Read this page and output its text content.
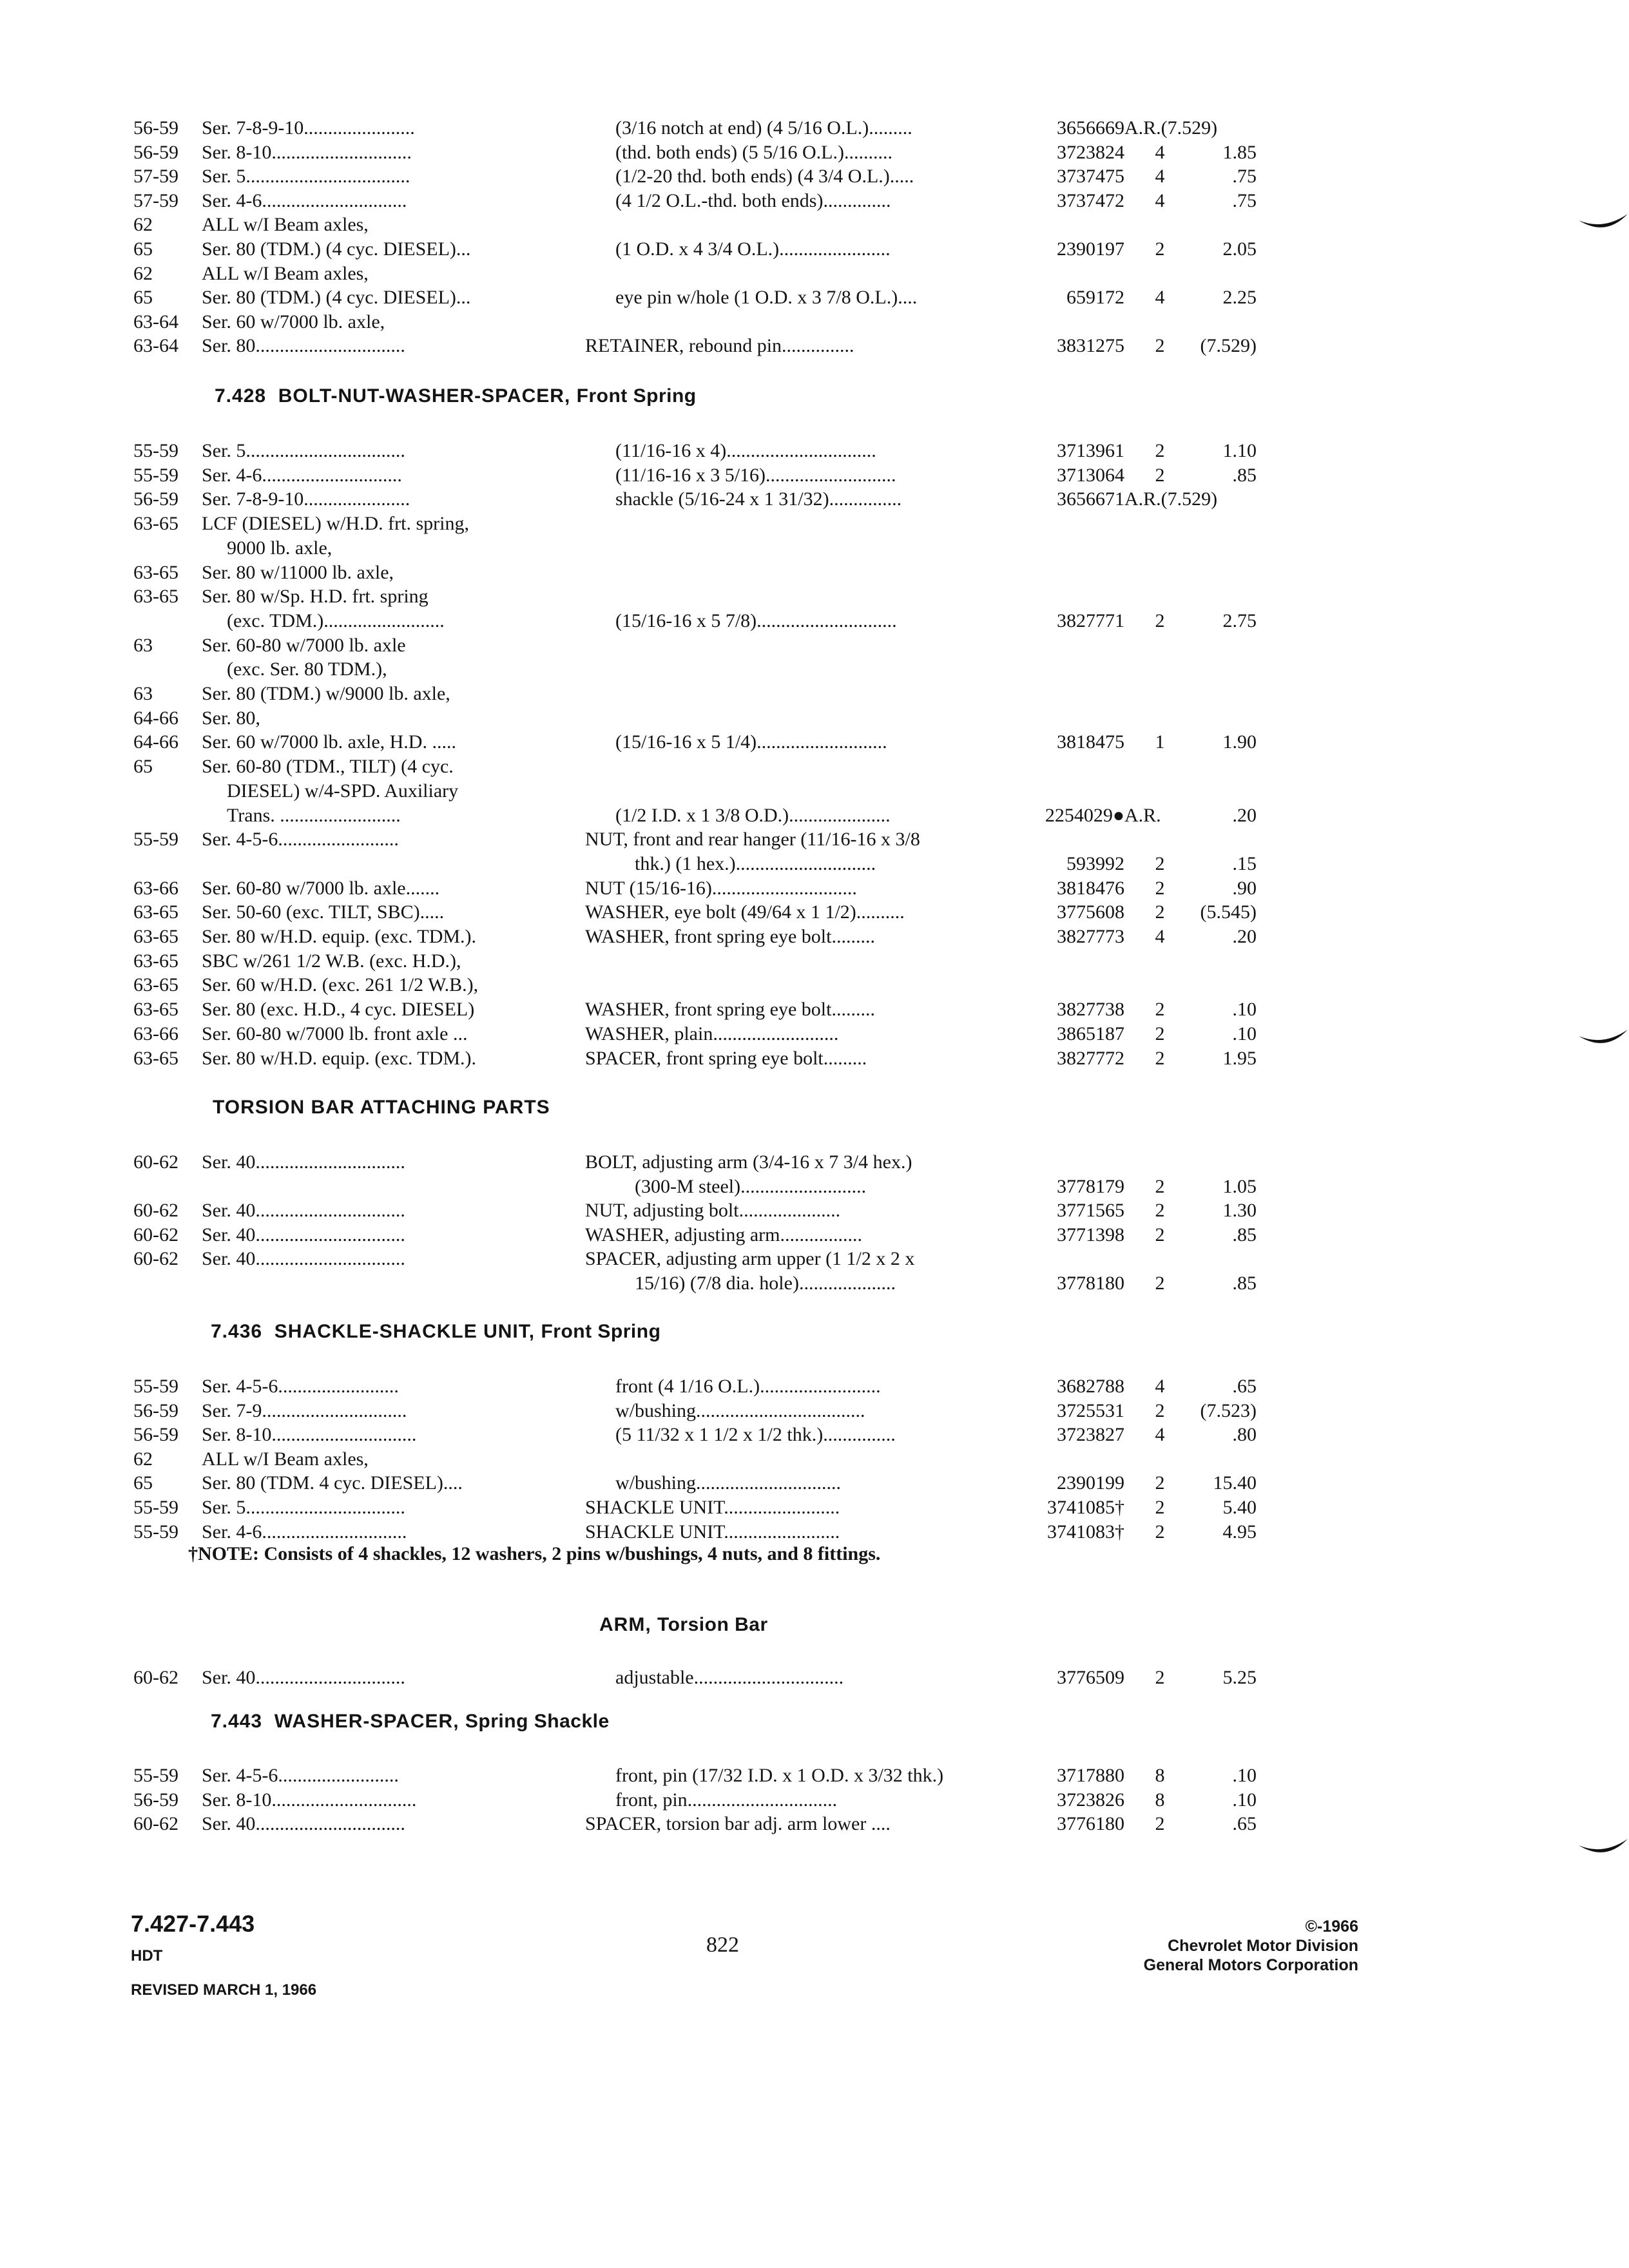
56-59 Ser. 7-8-9-10.......................	(3/16 notch at end) (4 5/16 O.L.).........	3656669 A.R.(7.529)
56-59 Ser. 8-10.............................	(thd. both ends) (5 5/16 O.L.)..........	3723824	4	1.85
57-59 Ser. 5..................................	(1/2-20 thd. both ends) (4 3/4 O.L.).....	3737475	4	.75
57-59 Ser. 4-6..............................	(4 1/2 O.L.-thd. both ends)..............	3737472	4	.75
62	ALL w/I Beam axles,
65	Ser. 80 (TDM.) (4 cyc. DIESEL)...	(1 O.D. x 4 3/4 O.L.).......................	2390197	2	2.05
62	ALL w/I Beam axles,
65	Ser. 80 (TDM.) (4 cyc. DIESEL)...	eye pin w/hole (1 O.D. x 3 7/8 O.L.)....	659172	4	2.25
63-64 Ser. 60 w/7000 lb. axle,
63-64 Ser. 80...............................	RETAINER, rebound pin...............	3831275	2	(7.529)
7.428 BOLT-NUT-WASHER-SPACER, Front Spring
55-59 Ser. 5.................................	(11/16-16 x 4)...............................	3713961	2	1.10
55-59 Ser. 4-6.............................	(11/16-16 x 3 5/16)...........................	3713064	2	.85
56-59 Ser. 7-8-9-10......................	shackle (5/16-24 x 1 31/32)...............	3656671 A.R.(7.529)
63-65 LCF (DIESEL) w/H.D. frt. spring,
9000 lb. axle,
63-65 Ser. 80 w/11000 lb. axle,
63-65 Ser. 80 w/Sp. H.D. frt. spring
(exc. TDM.).........................	(15/16-16 x 5 7/8).............................	3827771	2	2.75
63	Ser. 60-80 w/7000 lb. axle
(exc. Ser. 80 TDM.),
63	Ser. 80 (TDM.) w/9000 lb. axle,
64-66 Ser. 80,
64-66 Ser. 60 w/7000 lb. axle, H.D. .....	(15/16-16 x 5 1/4)...........................	3818475	1	1.90
65	Ser. 60-80 (TDM., TILT) (4 cyc.
DIESEL) w/4-SPD. Auxiliary
Trans. .........................	(1/2 I.D. x 1 3/8 O.D.).....................	2254029● A.R.	.20
55-59 Ser. 4-5-6.........................	NUT, front and rear hanger (11/16-16 x 3/8
thk.) (1 hex.).............................	593992	2	.15
63-66 Ser. 60-80 w/7000 lb. axle.......	NUT (15/16-16)..............................	3818476	2	.90
63-65 Ser. 50-60 (exc. TILT, SBC).....	WASHER, eye bolt (49/64 x 1 1/2)..........	3775608	2	(5.545)
63-65 Ser. 80 w/H.D. equip. (exc. TDM.).	WASHER, front spring eye bolt.........	3827773	4	.20
63-65 SBC w/261 1/2 W.B. (exc. H.D.),
63-65 Ser. 60 w/H.D. (exc. 261 1/2 W.B.),
63-65 Ser. 80 (exc. H.D., 4 cyc. DIESEL)	WASHER, front spring eye bolt.........	3827738	2	.10
63-66 Ser. 60-80 w/7000 lb. front axle ...	WASHER, plain..........................	3865187	2	.10
63-65 Ser. 80 w/H.D. equip. (exc. TDM.).	SPACER, front spring eye bolt.........	3827772	2	1.95
TORSION BAR ATTACHING PARTS
60-62 Ser. 40...............................	BOLT, adjusting arm (3/4-16 x 7 3/4 hex.)
(300-M steel)..........................	3778179	2	1.05
60-62 Ser. 40...............................	NUT, adjusting bolt.....................	3771565	2	1.30
60-62 Ser. 40...............................	WASHER, adjusting arm.................	3771398	2	.85
60-62 Ser. 40...............................	SPACER, adjusting arm upper (1 1/2 x 2 x
15/16) (7/8 dia. hole)....................	3778180	2	.85
7.436 SHACKLE-SHACKLE UNIT, Front Spring
55-59 Ser. 4-5-6.........................	front (4 1/16 O.L.).........................	3682788	4	.65
56-59 Ser. 7-9..............................	w/bushing...................................	3725531	2	(7.523)
56-59 Ser. 8-10..............................	(5 11/32 x 1 1/2 x 1/2 thk.)...............	3723827	4	.80
62	ALL w/I Beam axles,
65	Ser. 80 (TDM. 4 cyc. DIESEL)....	w/bushing..............................	2390199	2	15.40
55-59 Ser. 5.................................	SHACKLE UNIT........................	3741085†	2	5.40
55-59 Ser. 4-6..............................	SHACKLE UNIT........................	3741083†	2	4.95
†NOTE: Consists of 4 shackles, 12 washers, 2 pins w/bushings, 4 nuts, and 8 fittings.
ARM, Torsion Bar
60-62 Ser. 40...............................	adjustable...............................	3776509	2	5.25
7.443 WASHER-SPACER, Spring Shackle
55-59 Ser. 4-5-6.........................	front, pin (17/32 I.D. x 1 O.D. x 3/32 thk.)	3717880	8	.10
56-59 Ser. 8-10..............................	front, pin...............................	3723826	8	.10
60-62 Ser. 40...............................	SPACER, torsion bar adj. arm lower ....	3776180	2	.65
7.427-7.443
HDT
REVISED MARCH 1, 1966
822
©-1966
Chevrolet Motor Division
General Motors Corporation
